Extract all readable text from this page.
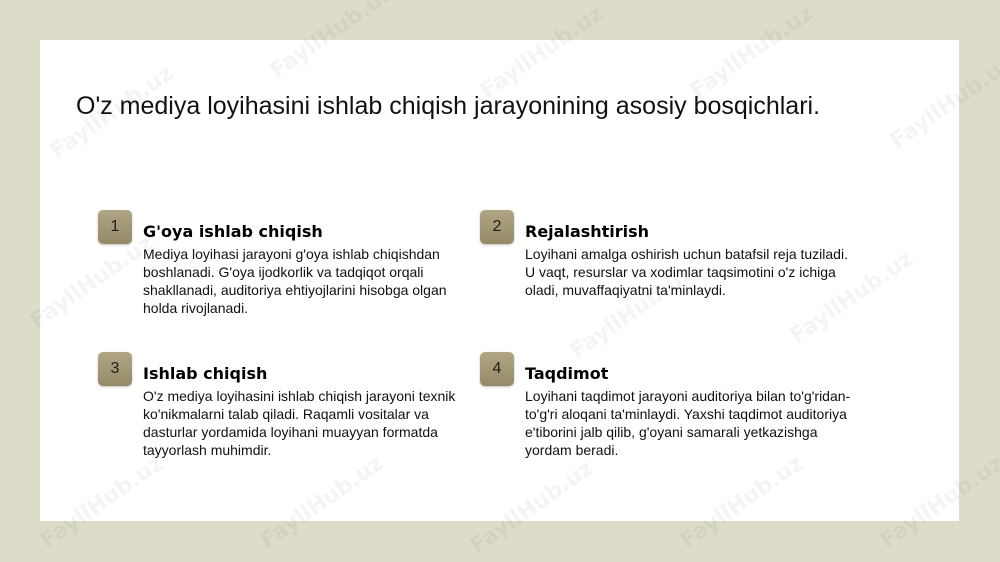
O'z mediya loyihasini ishlab chiqish jarayonining asosiy bosqichlari.
1	G'oya ishlab chiqish
Mediya loyihasi jarayoni g'oya ishlab chiqishdan boshlanadi. G'oya ijodkorlik va tadqiqot orqali shakllanadi, auditoriya ehtiyojlarini hisobga olgan holda rivojlanadi.
2	Rejalashtirish
Loyihani amalga oshirish uchun batafsil reja tuziladi. U vaqt, resurslar va xodimlar taqsimotini o'z ichiga oladi, muvaffaqiyatni ta'minlaydi.
3	Ishlab chiqish
O'z mediya loyihasini ishlab chiqish jarayoni texnik ko'nikmalarni talab qiladi. Raqamli vositalar va dasturlar yordamida loyihani muayyan formatda tayyorlash muhimdir.
4	Taqdimot
Loyihani taqdimot jarayoni auditoriya bilan to'g'ridan-to'g'ri aloqani ta'minlaydi. Yaxshi taqdimot auditoriya e'tiborini jalb qilib, g'oyani samarali yetkazishga yordam beradi.
